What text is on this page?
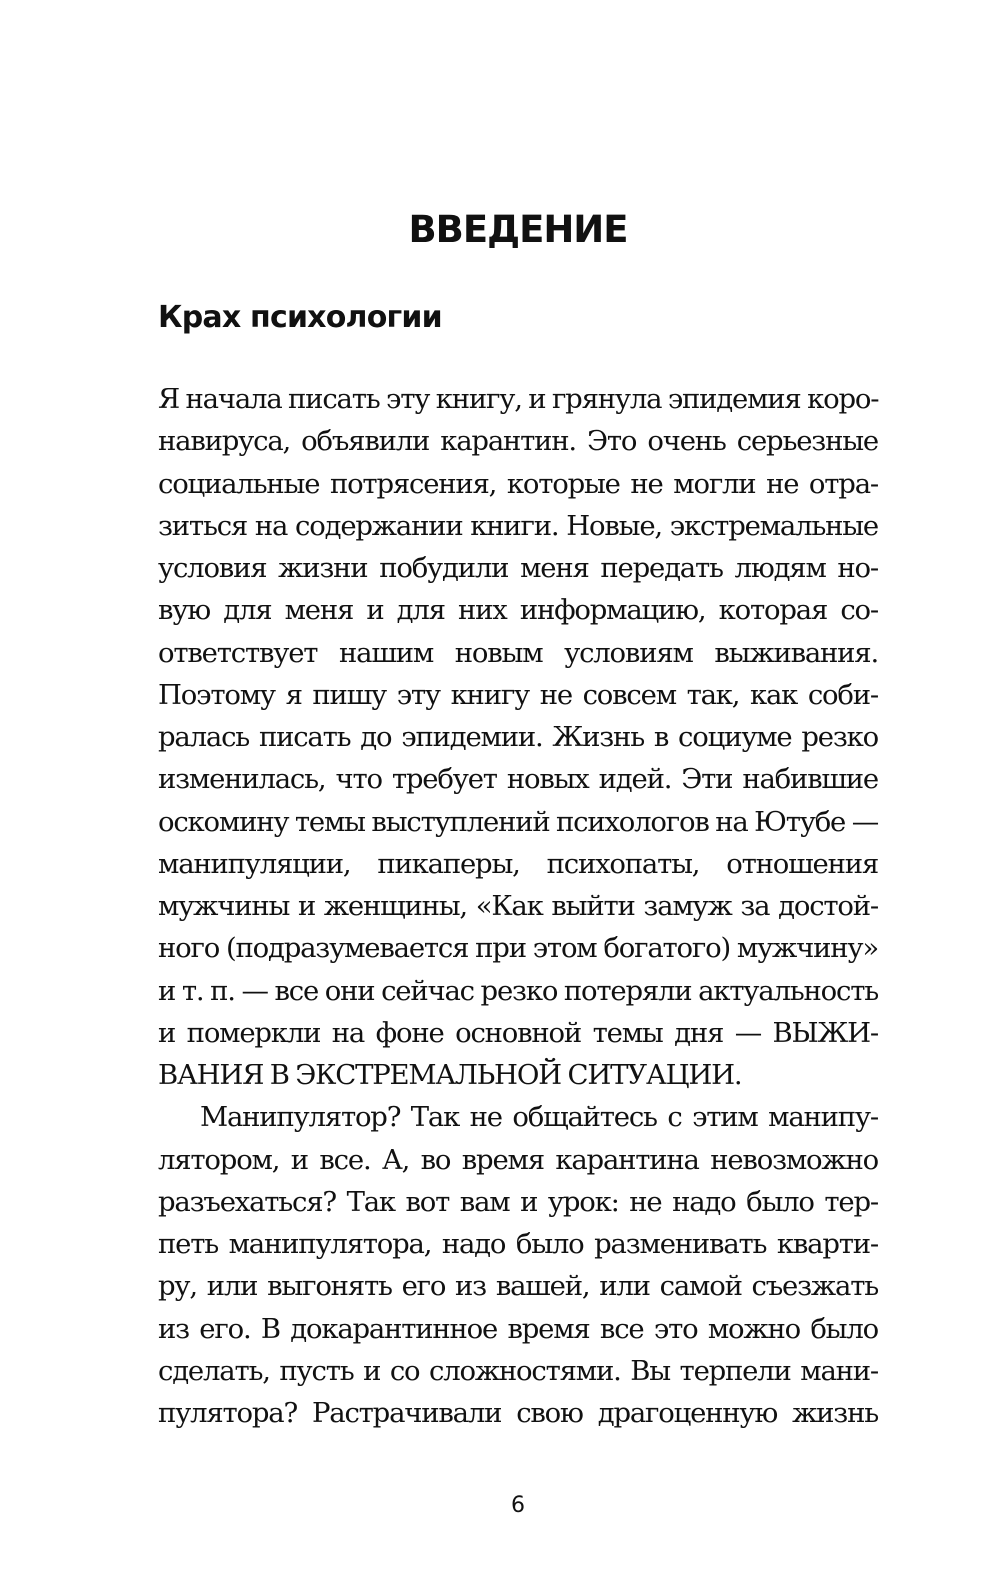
ВВЕДЕНИЕ
Крах психологии
Я начала писать эту книгу, и грянула эпидемия коро-
навируса, объявили карантин. Это очень серьезные
социальные потрясения, которые не могли не отра-
зиться на содержании книги. Новые, экстремальные
условия жизни побудили меня передать людям но-
вую для меня и для них информацию, которая со-
ответствует нашим новым условиям выживания.
Поэтому я пишу эту книгу не совсем так, как соби-
ралась писать до эпидемии. Жизнь в социуме резко
изменилась, что требует новых идей. Эти набившие
оскомину темы выступлений психологов на Ютубе —
манипуляции, пикаперы, психопаты, отношения
мужчины и женщины, «Как выйти замуж за достой-
ного (подразумевается при этом богатого) мужчину»
и т. п. — все они сейчас резко потеряли актуальность
и померкли на фоне основной темы дня — ВЫЖИ-
ВАНИЯ В ЭКСТРЕМАЛЬНОЙ СИТУАЦИИ.
Манипулятор? Так не общайтесь с этим манипу-
лятором, и все. А, во время карантина невозможно
разъехаться? Так вот вам и урок: не надо было тер-
петь манипулятора, надо было разменивать кварти-
ру, или выгонять его из вашей, или самой съезжать
из его. В докарантинное время все это можно было
сделать, пусть и со сложностями. Вы терпели мани-
пулятора? Растрачивали свою драгоценную жизнь
6
